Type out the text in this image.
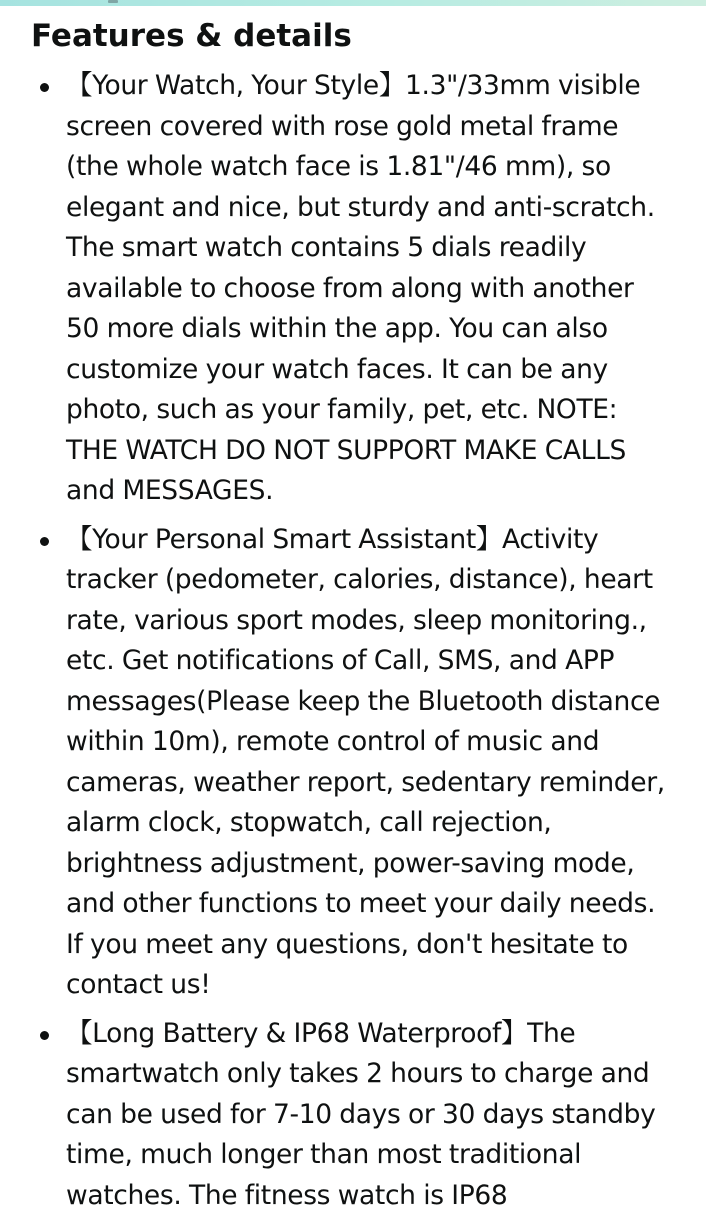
Features & details
【Your Watch, Your Style】1.3"/33mm visible
screen covered with rose gold metal frame
(the whole watch face is 1.81"/46 mm), so
elegant and nice, but sturdy and anti-scratch.
The smart watch contains 5 dials readily
available to choose from along with another
50 more dials within the app. You can also
customize your watch faces. It can be any
photo, such as your family, pet, etc. NOTE:
THE WATCH DO NOT SUPPORT MAKE CALLS
and MESSAGES.
【Your Personal Smart Assistant】Activity
tracker (pedometer, calories, distance), heart
rate, various sport modes, sleep monitoring.,
etc. Get notifications of Call, SMS, and APP
messages(Please keep the Bluetooth distance
within 10m), remote control of music and
cameras, weather report, sedentary reminder,
alarm clock, stopwatch, call rejection,
brightness adjustment, power-saving mode,
and other functions to meet your daily needs.
If you meet any questions, don't hesitate to
contact us!
【Long Battery & IP68 Waterproof】The
smartwatch only takes 2 hours to charge and
can be used for 7-10 days or 30 days standby
time, much longer than most traditional
watches. The fitness watch is IP68
